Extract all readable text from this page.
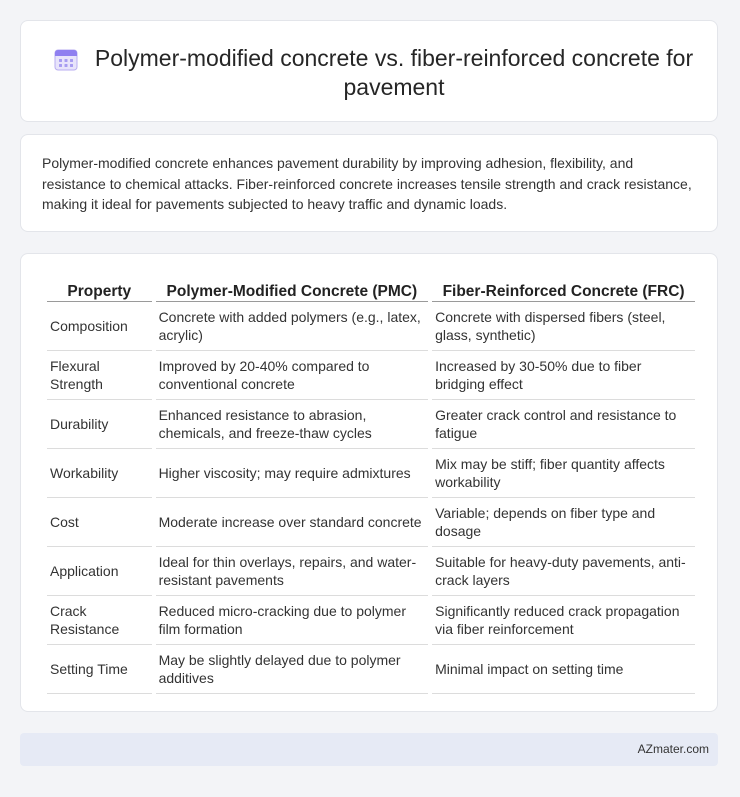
Polymer-modified concrete vs. fiber-reinforced concrete for pavement
Polymer-modified concrete enhances pavement durability by improving adhesion, flexibility, and resistance to chemical attacks. Fiber-reinforced concrete increases tensile strength and crack resistance, making it ideal for pavements subjected to heavy traffic and dynamic loads.
Property	Polymer-Modified Concrete (PMC)	Fiber-Reinforced Concrete (FRC)
Composition	Concrete with added polymers (e.g., latex, acrylic)	Concrete with dispersed fibers (steel, glass, synthetic)
Flexural Strength	Improved by 20-40% compared to conventional concrete	Increased by 30-50% due to fiber bridging effect
Durability	Enhanced resistance to abrasion, chemicals, and freeze-thaw cycles	Greater crack control and resistance to fatigue
Workability	Higher viscosity; may require admixtures	Mix may be stiff; fiber quantity affects workability
Cost	Moderate increase over standard concrete	Variable; depends on fiber type and dosage
Application	Ideal for thin overlays, repairs, and water-resistant pavements	Suitable for heavy-duty pavements, anti-crack layers
Crack Resistance	Reduced micro-cracking due to polymer film formation	Significantly reduced crack propagation via fiber reinforcement
Setting Time	May be slightly delayed due to polymer additives	Minimal impact on setting time
AZmater.com
